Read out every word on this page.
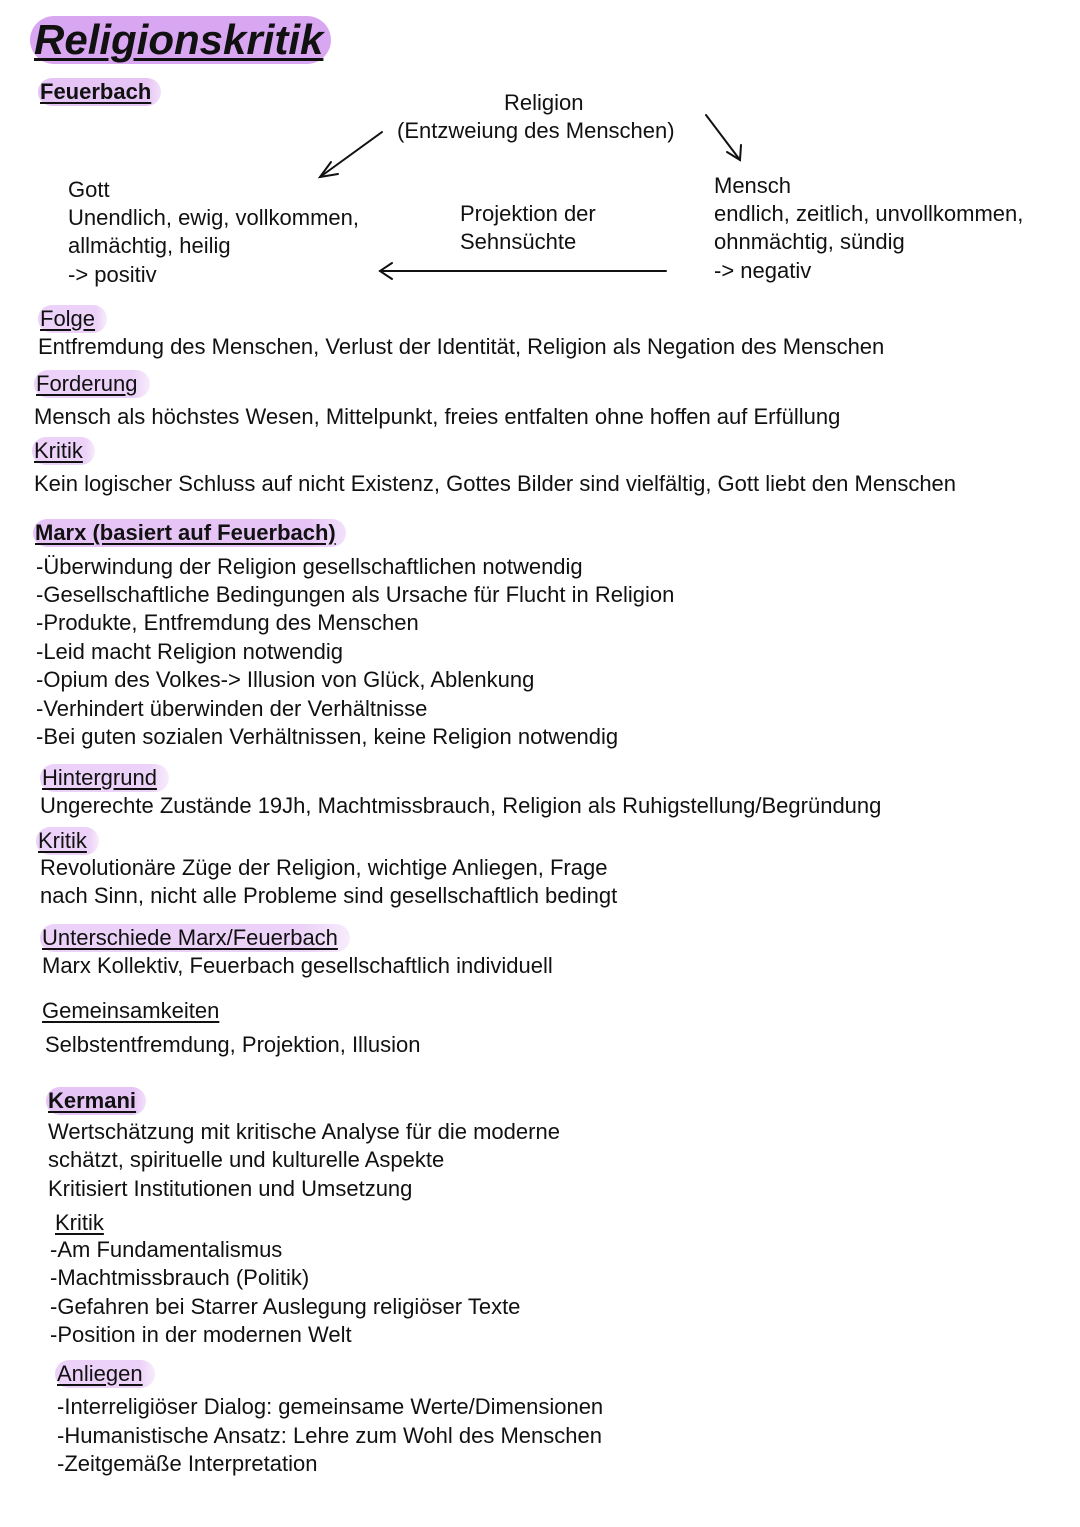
Religionskritik
Feuerbach	Religion
(Entzweiung des Menschen)
Gott
Unendlich, ewig, vollkommen,
allmächtig, heilig
-> positiv
Projektion der
Sehnsüchte
Mensch
endlich, zeitlich, unvollkommen,
ohnmächtig, sündig
-> negativ
Folge
Entfremdung des Menschen, Verlust der Identität, Religion als Negation des Menschen
Forderung
Mensch als höchstes Wesen, Mittelpunkt, freies entfalten ohne hoffen auf Erfüllung
Kritik
Kein logischer Schluss auf nicht Existenz, Gottes Bilder sind vielfältig, Gott liebt den Menschen
Marx (basiert auf Feuerbach)
-Überwindung der Religion gesellschaftlichen notwendig
-Gesellschaftliche Bedingungen als Ursache für Flucht in Religion
-Produkte, Entfremdung des Menschen
-Leid macht Religion notwendig
-Opium des Volkes-> Illusion von Glück, Ablenkung
-Verhindert überwinden der Verhältnisse
-Bei guten sozialen Verhältnissen, keine Religion notwendig
Hintergrund
Ungerechte Zustände 19Jh, Machtmissbrauch, Religion als Ruhigstellung/Begründung
Kritik
Revolutionäre Züge der Religion, wichtige Anliegen, Frage
nach Sinn, nicht alle Probleme sind gesellschaftlich bedingt
Unterschiede Marx/Feuerbach
Marx Kollektiv, Feuerbach gesellschaftlich individuell
Gemeinsamkeiten
Selbstentfremdung, Projektion, Illusion
Kermani
Wertschätzung mit kritische Analyse für die moderne
schätzt, spirituelle und kulturelle Aspekte
Kritisiert Institutionen und Umsetzung
Kritik
-Am Fundamentalismus
-Machtmissbrauch (Politik)
-Gefahren bei Starrer Auslegung religiöser Texte
-Position in der modernen Welt
Anliegen
-Interreligiöser Dialog: gemeinsame Werte/Dimensionen
-Humanistische Ansatz: Lehre zum Wohl des Menschen
-Zeitgemäße Interpretation
